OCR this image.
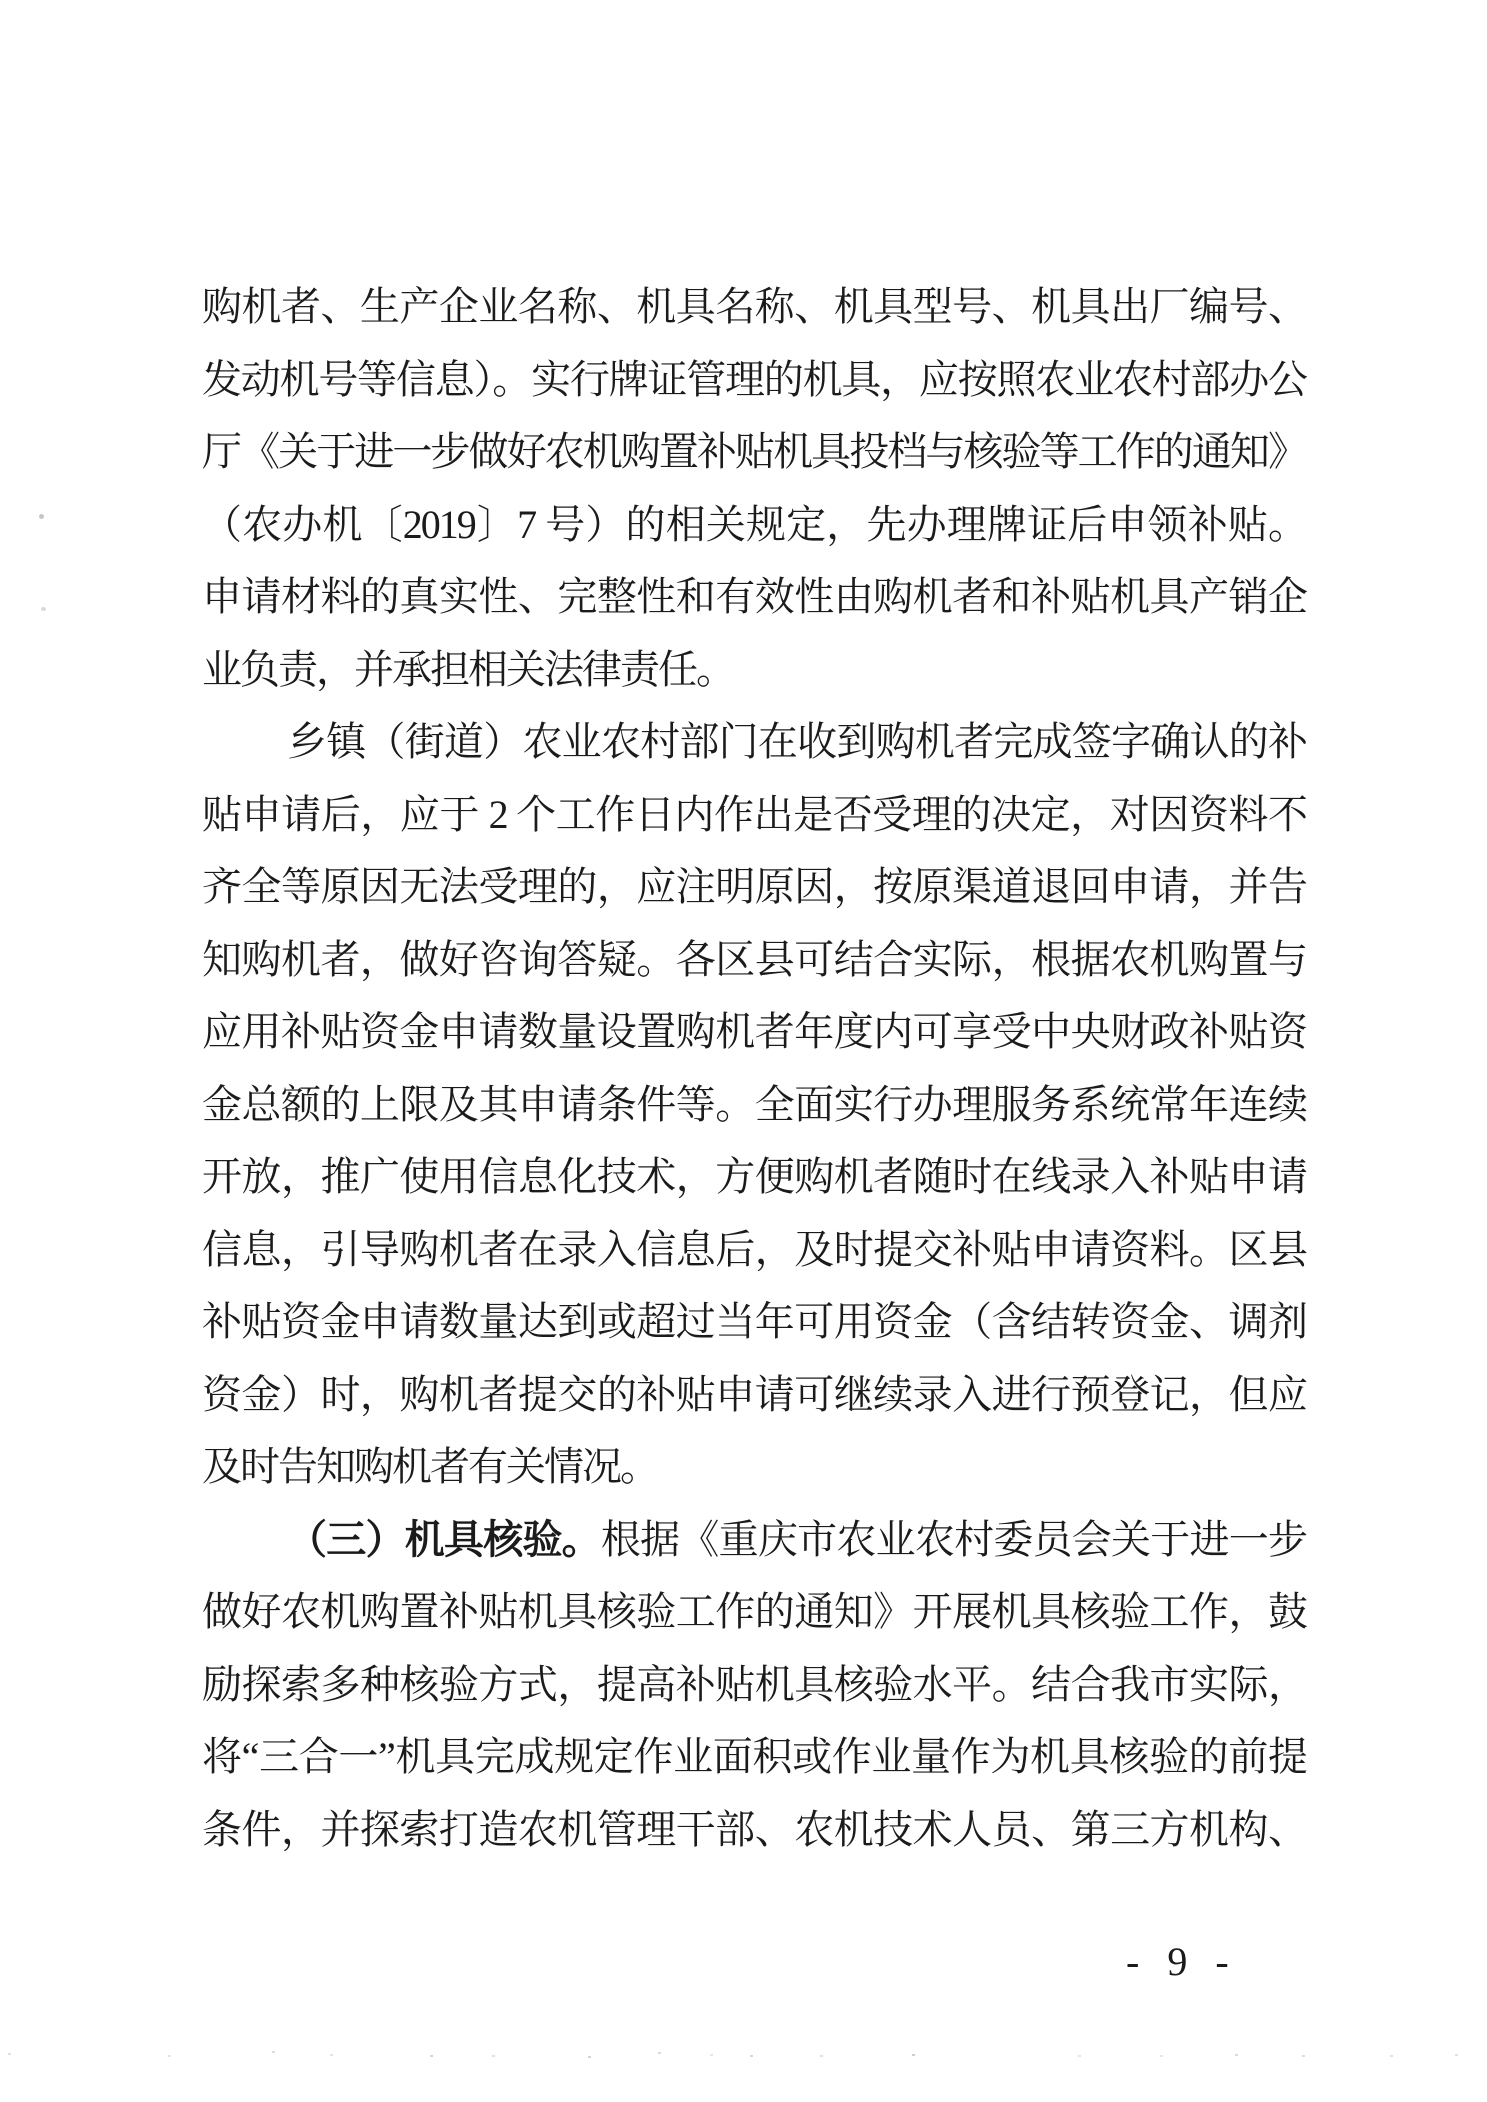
购机者、生产企业名称、机具名称、机具型号、机具出厂编号、
发动机号等信息）。实行牌证管理的机具，应按照农业农村部办公
厅《关于进一步做好农机购置补贴机具投档与核验等工作的通知》
（农办机〔2019〕7 号）的相关规定，先办理牌证后申领补贴。
申请材料的真实性、完整性和有效性由购机者和补贴机具产销企
业负责，并承担相关法律责任。
乡镇（街道）农业农村部门在收到购机者完成签字确认的补
贴申请后，应于 2 个工作日内作出是否受理的决定，对因资料不
齐全等原因无法受理的，应注明原因，按原渠道退回申请，并告
知购机者，做好咨询答疑。各区县可结合实际，根据农机购置与
应用补贴资金申请数量设置购机者年度内可享受中央财政补贴资
金总额的上限及其申请条件等。全面实行办理服务系统常年连续
开放，推广使用信息化技术，方便购机者随时在线录入补贴申请
信息，引导购机者在录入信息后，及时提交补贴申请资料。区县
补贴资金申请数量达到或超过当年可用资金（含结转资金、调剂
资金）时，购机者提交的补贴申请可继续录入进行预登记，但应
及时告知购机者有关情况。
（三）机具核验。根据《重庆市农业农村委员会关于进一步
做好农机购置补贴机具核验工作的通知》开展机具核验工作，鼓
励探索多种核验方式，提高补贴机具核验水平。结合我市实际，
将“三合一”机具完成规定作业面积或作业量作为机具核验的前提
条件，并探索打造农机管理干部、农机技术人员、第三方机构、
- 9 -
